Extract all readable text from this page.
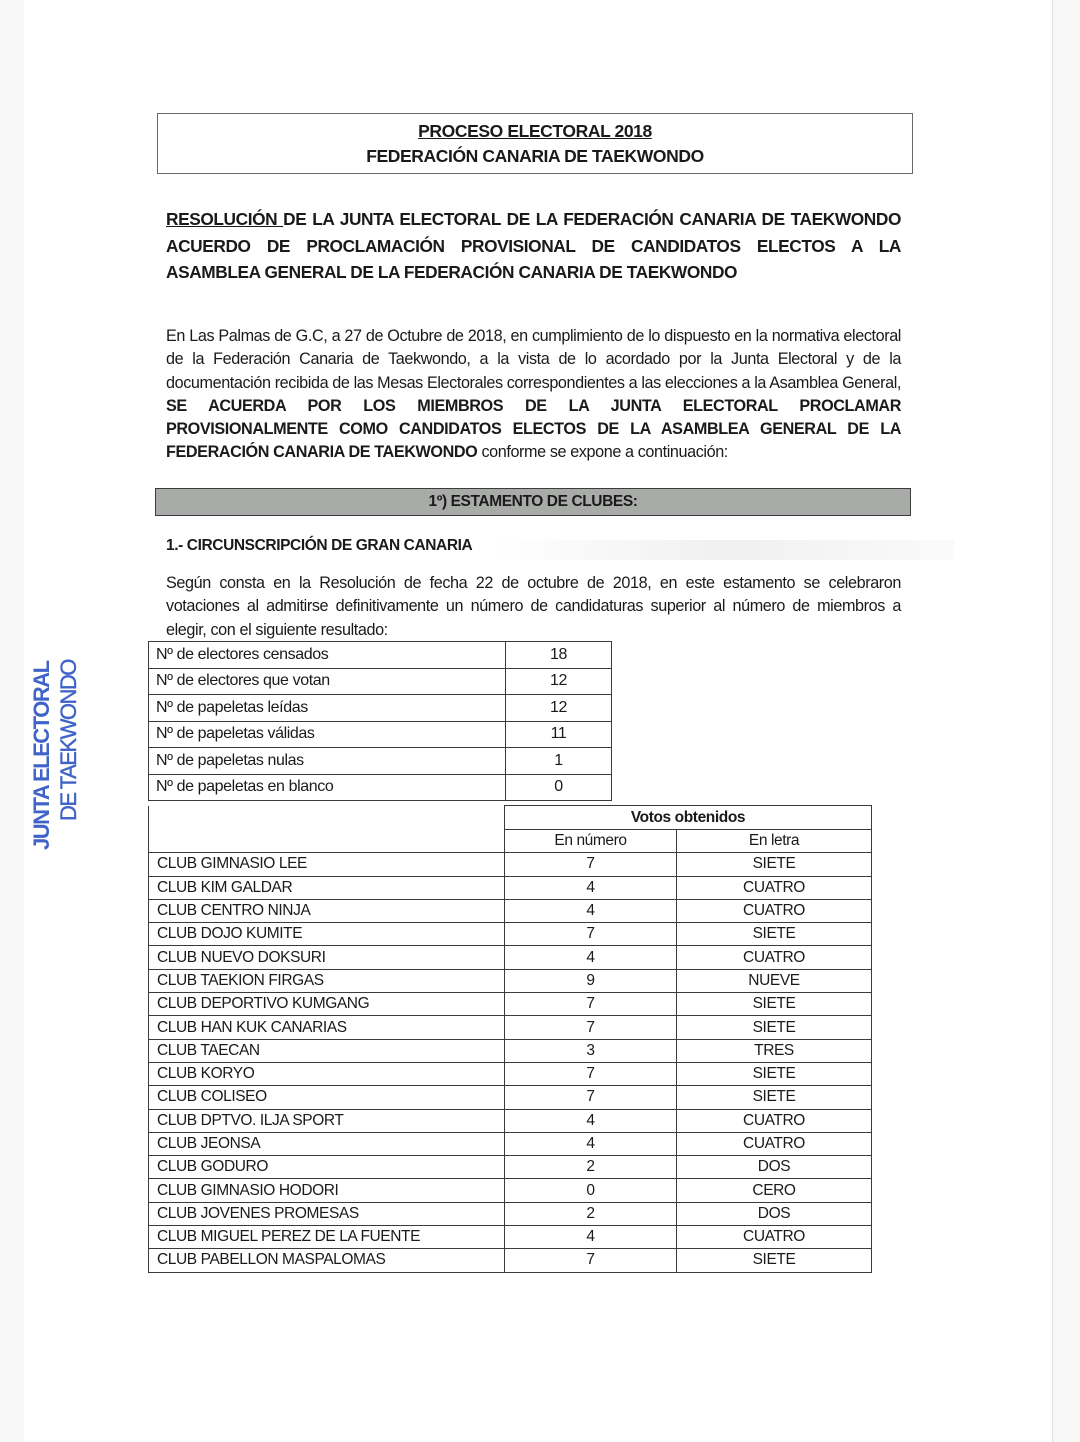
PROCESO ELECTORAL 2018
FEDERACIÓN CANARIA DE TAEKWONDO
RESOLUCIÓN DE LA JUNTA ELECTORAL DE LA FEDERACIÓN CANARIA DE TAEKWONDO
ACUERDO DE PROCLAMACIÓN PROVISIONAL DE CANDIDATOS ELECTOS A LA
ASAMBLEA GENERAL DE LA FEDERACIÓN CANARIA DE TAEKWONDO
En Las Palmas de G.C, a 27 de Octubre de 2018, en cumplimiento de lo dispuesto en la normativa electoral de la Federación Canaria de Taekwondo, a la vista de lo acordado por la Junta Electoral y de la documentación recibida de las Mesas Electorales correspondientes a las elecciones a la Asamblea General, SE ACUERDA POR LOS MIEMBROS DE LA JUNTA ELECTORAL PROCLAMAR PROVISIONALMENTE COMO CANDIDATOS ELECTOS DE LA ASAMBLEA GENERAL DE LA FEDERACIÓN CANARIA DE TAEKWONDO conforme se expone a continuación:
1º) ESTAMENTO DE CLUBES:
1.- CIRCUNSCRIPCIÓN DE GRAN CANARIA
Según consta en la Resolución de fecha 22 de octubre de 2018, en este estamento se celebraron votaciones al admitirse definitivamente un número de candidaturas superior al número de miembros a elegir, con el siguiente resultado:
Nº de electores censados	18
Nº de electores que votan	12
Nº de papeletas leídas	12
Nº de papeletas válidas	11
Nº de papeletas nulas	1
Nº de papeletas en blanco	0
	Votos obtenidos	
	En número	En letra
CLUB GIMNASIO LEE	7	SIETE
CLUB KIM GALDAR	4	CUATRO
CLUB CENTRO NINJA	4	CUATRO
CLUB DOJO KUMITE	7	SIETE
CLUB NUEVO DOKSURI	4	CUATRO
CLUB TAEKION FIRGAS	9	NUEVE
CLUB DEPORTIVO KUMGANG	7	SIETE
CLUB HAN KUK CANARIAS	7	SIETE
CLUB TAECAN	3	TRES
CLUB KORYO	7	SIETE
CLUB COLISEO	7	SIETE
CLUB DPTVO. ILJA SPORT	4	CUATRO
CLUB JEONSA	4	CUATRO
CLUB GODURO	2	DOS
CLUB GIMNASIO HODORI	0	CERO
CLUB JOVENES PROMESAS	2	DOS
CLUB MIGUEL PEREZ DE LA FUENTE	4	CUATRO
CLUB PABELLON MASPALOMAS	7	SIETE
JUNTA ELECTORAL DE TAEKWONDO
